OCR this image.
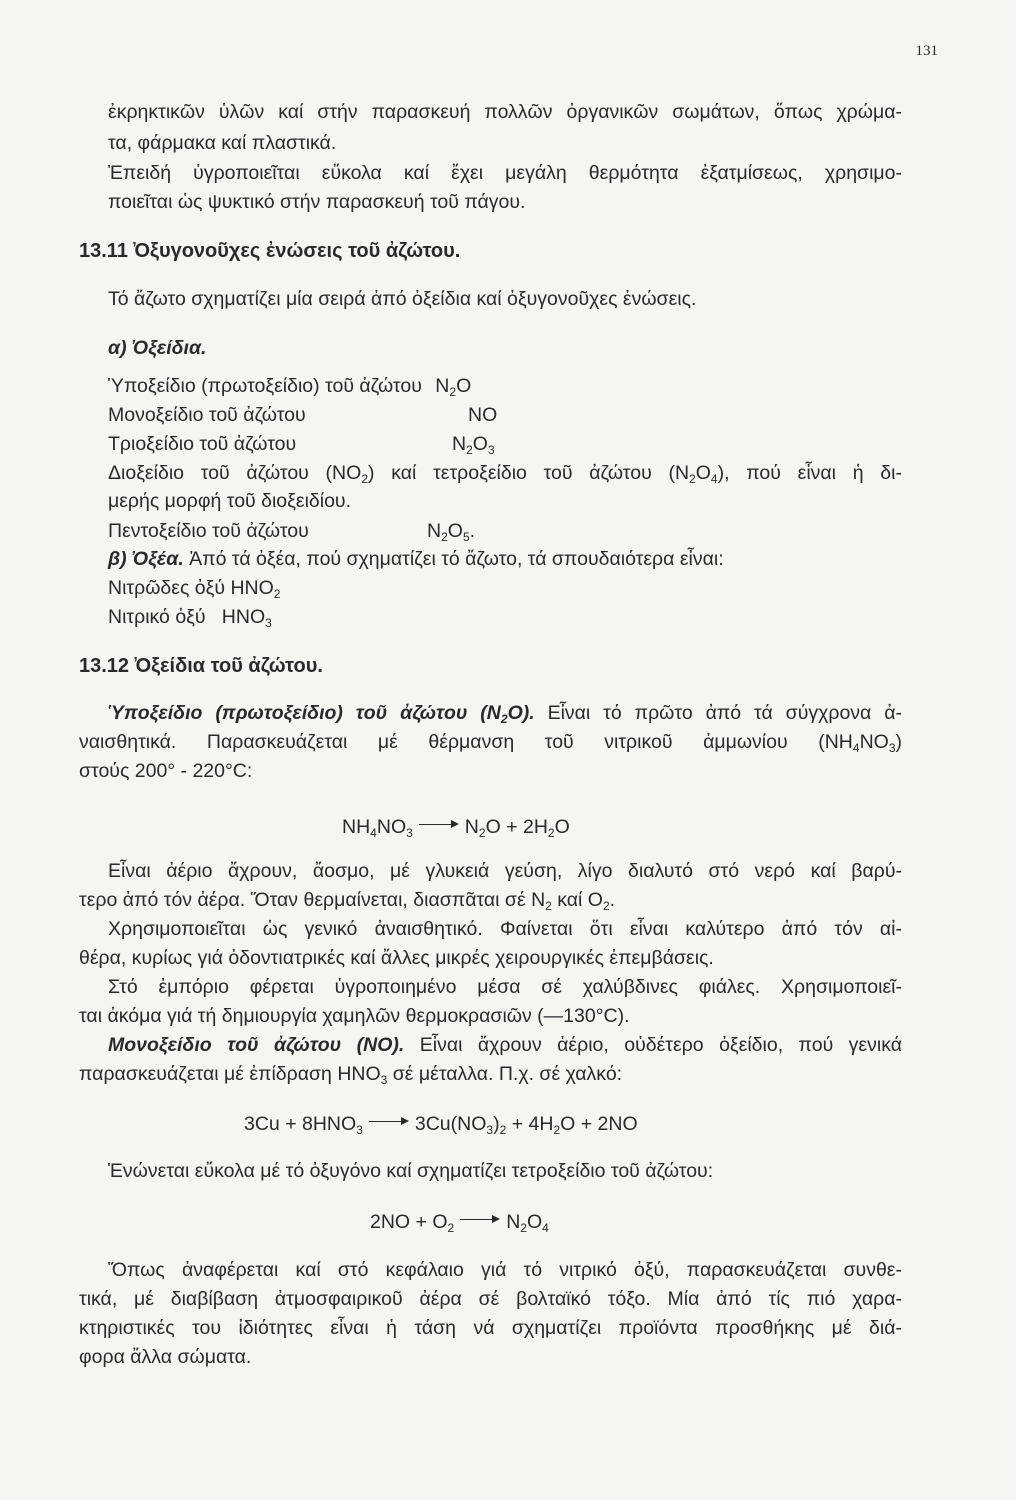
131
ἐκρηκτικῶν ὑλῶν καί στήν παρασκευή πολλῶν ὀργανικῶν σωμάτων, ὅπως χρώμα-
τα, φάρμακα καί πλαστικά.
Ἐπειδή ὑγροποιεῖται εὔκολα καί ἔχει μεγάλη θερμότητα ἐξατμίσεως, χρησιμο-
ποιεῖται ὡς ψυκτικό στήν παρασκευή τοῦ πάγου.
13.11 Ὀξυγονοῦχες ἐνώσεις τοῦ ἀζώτου.
Τό ἄζωτο σχηματίζει μία σειρά ἀπό ὀξείδια καί ὀξυγονοῦχες ἐνώσεις.
α) Ὀξείδια.
Ὑποξείδιο (πρωτοξείδιο) τοῦ ἀζώτου $N_2O$
Μονοξείδιο τοῦ ἀζώτου	NO
Τριοξείδιο τοῦ ἀζώτου	$N_2O_3$
Διοξείδιο τοῦ ἀζώτου $(NO_2)$ καί τετροξείδιο τοῦ ἀζώτου $(N_2O_4)$, πού εἶναι ἡ δι-
μερής μορφή τοῦ διοξειδίου.
Πεντοξείδιο τοῦ ἀζώτου	$N_2O_5$.
β) Ὀξέα. Ἀπό τά ὀξέα, πού σχηματίζει τό ἄζωτο, τά σπουδαιότερα εἶναι:
Νιτρῶδες ὀξύ $HNO_2$
Νιτρικό ὀξύ   $HNO_3$
13.12 Ὀξείδια τοῦ ἀζώτου.
Ὑποξείδιο (πρωτοξείδιο) τοῦ ἀζώτου $(N_2O)$. Εἶναι τό πρῶτο ἀπό τά σύγχρονα ἀ-
ναισθητικά. Παρασκευάζεται μέ θέρμανση τοῦ νιτρικοῦ ἀμμωνίου $(NH_4NO_3)$
στούς 200° - 220°C:
$NH_4NO_3$	$N_2O + 2H_2O$
Εἶναι ἀέριο ἄχρουν, ἄοσμο, μέ γλυκειά γεύση, λίγο διαλυτό στό νερό καί βαρύ-
τερο ἀπό τόν ἀέρα. Ὅταν θερμαίνεται, διασπᾶται σέ $N_2$ καί $O_2$.
Χρησιμοποιεῖται ὡς γενικό ἀναισθητικό. Φαίνεται ὅτι εἶναι καλύτερο ἀπό τόν αἰ-
θέρα, κυρίως γιά ὀδοντιατρικές καί ἄλλες μικρές χειρουργικές ἐπεμβάσεις.
Στό ἐμπόριο φέρεται ὑγροποιημένο μέσα σέ χαλύβδινες φιάλες. Χρησιμοποιεῖ-
ται ἀκόμα γιά τή δημιουργία χαμηλῶν θερμοκρασιῶν (—130°C).
Μονοξείδιο τοῦ ἀζώτου (NO). Εἶναι ἄχρουν ἀέριο, οὐδέτερο ὀξείδιο, πού γενικά
παρασκευάζεται μέ ἐπίδραση $HNO_3$ σέ μέταλλα. Π.χ. σέ χαλκό:
$3Cu + 8HNO_3$	$3Cu(NO_3)_2 + 4H_2O + 2NO$
Ἑνώνεται εὔκολα μέ τό ὀξυγόνο καί σχηματίζει τετροξείδιο τοῦ ἀζώτου:
$2NO + O_2$	$N_2O_4$
Ὅπως ἀναφέρεται καί στό κεφάλαιο γιά τό νιτρικό ὀξύ, παρασκευάζεται συνθε-
τικά, μέ διαβίβαση ἀτμοσφαιρικοῦ ἀέρα σέ βολταϊκό τόξο. Μία ἀπό τίς πιό χαρα-
κτηριστικές του ἰδιότητες εἶναι ἡ τάση νά σχηματίζει προϊόντα προσθήκης μέ διά-
φορα ἄλλα σώματα.
